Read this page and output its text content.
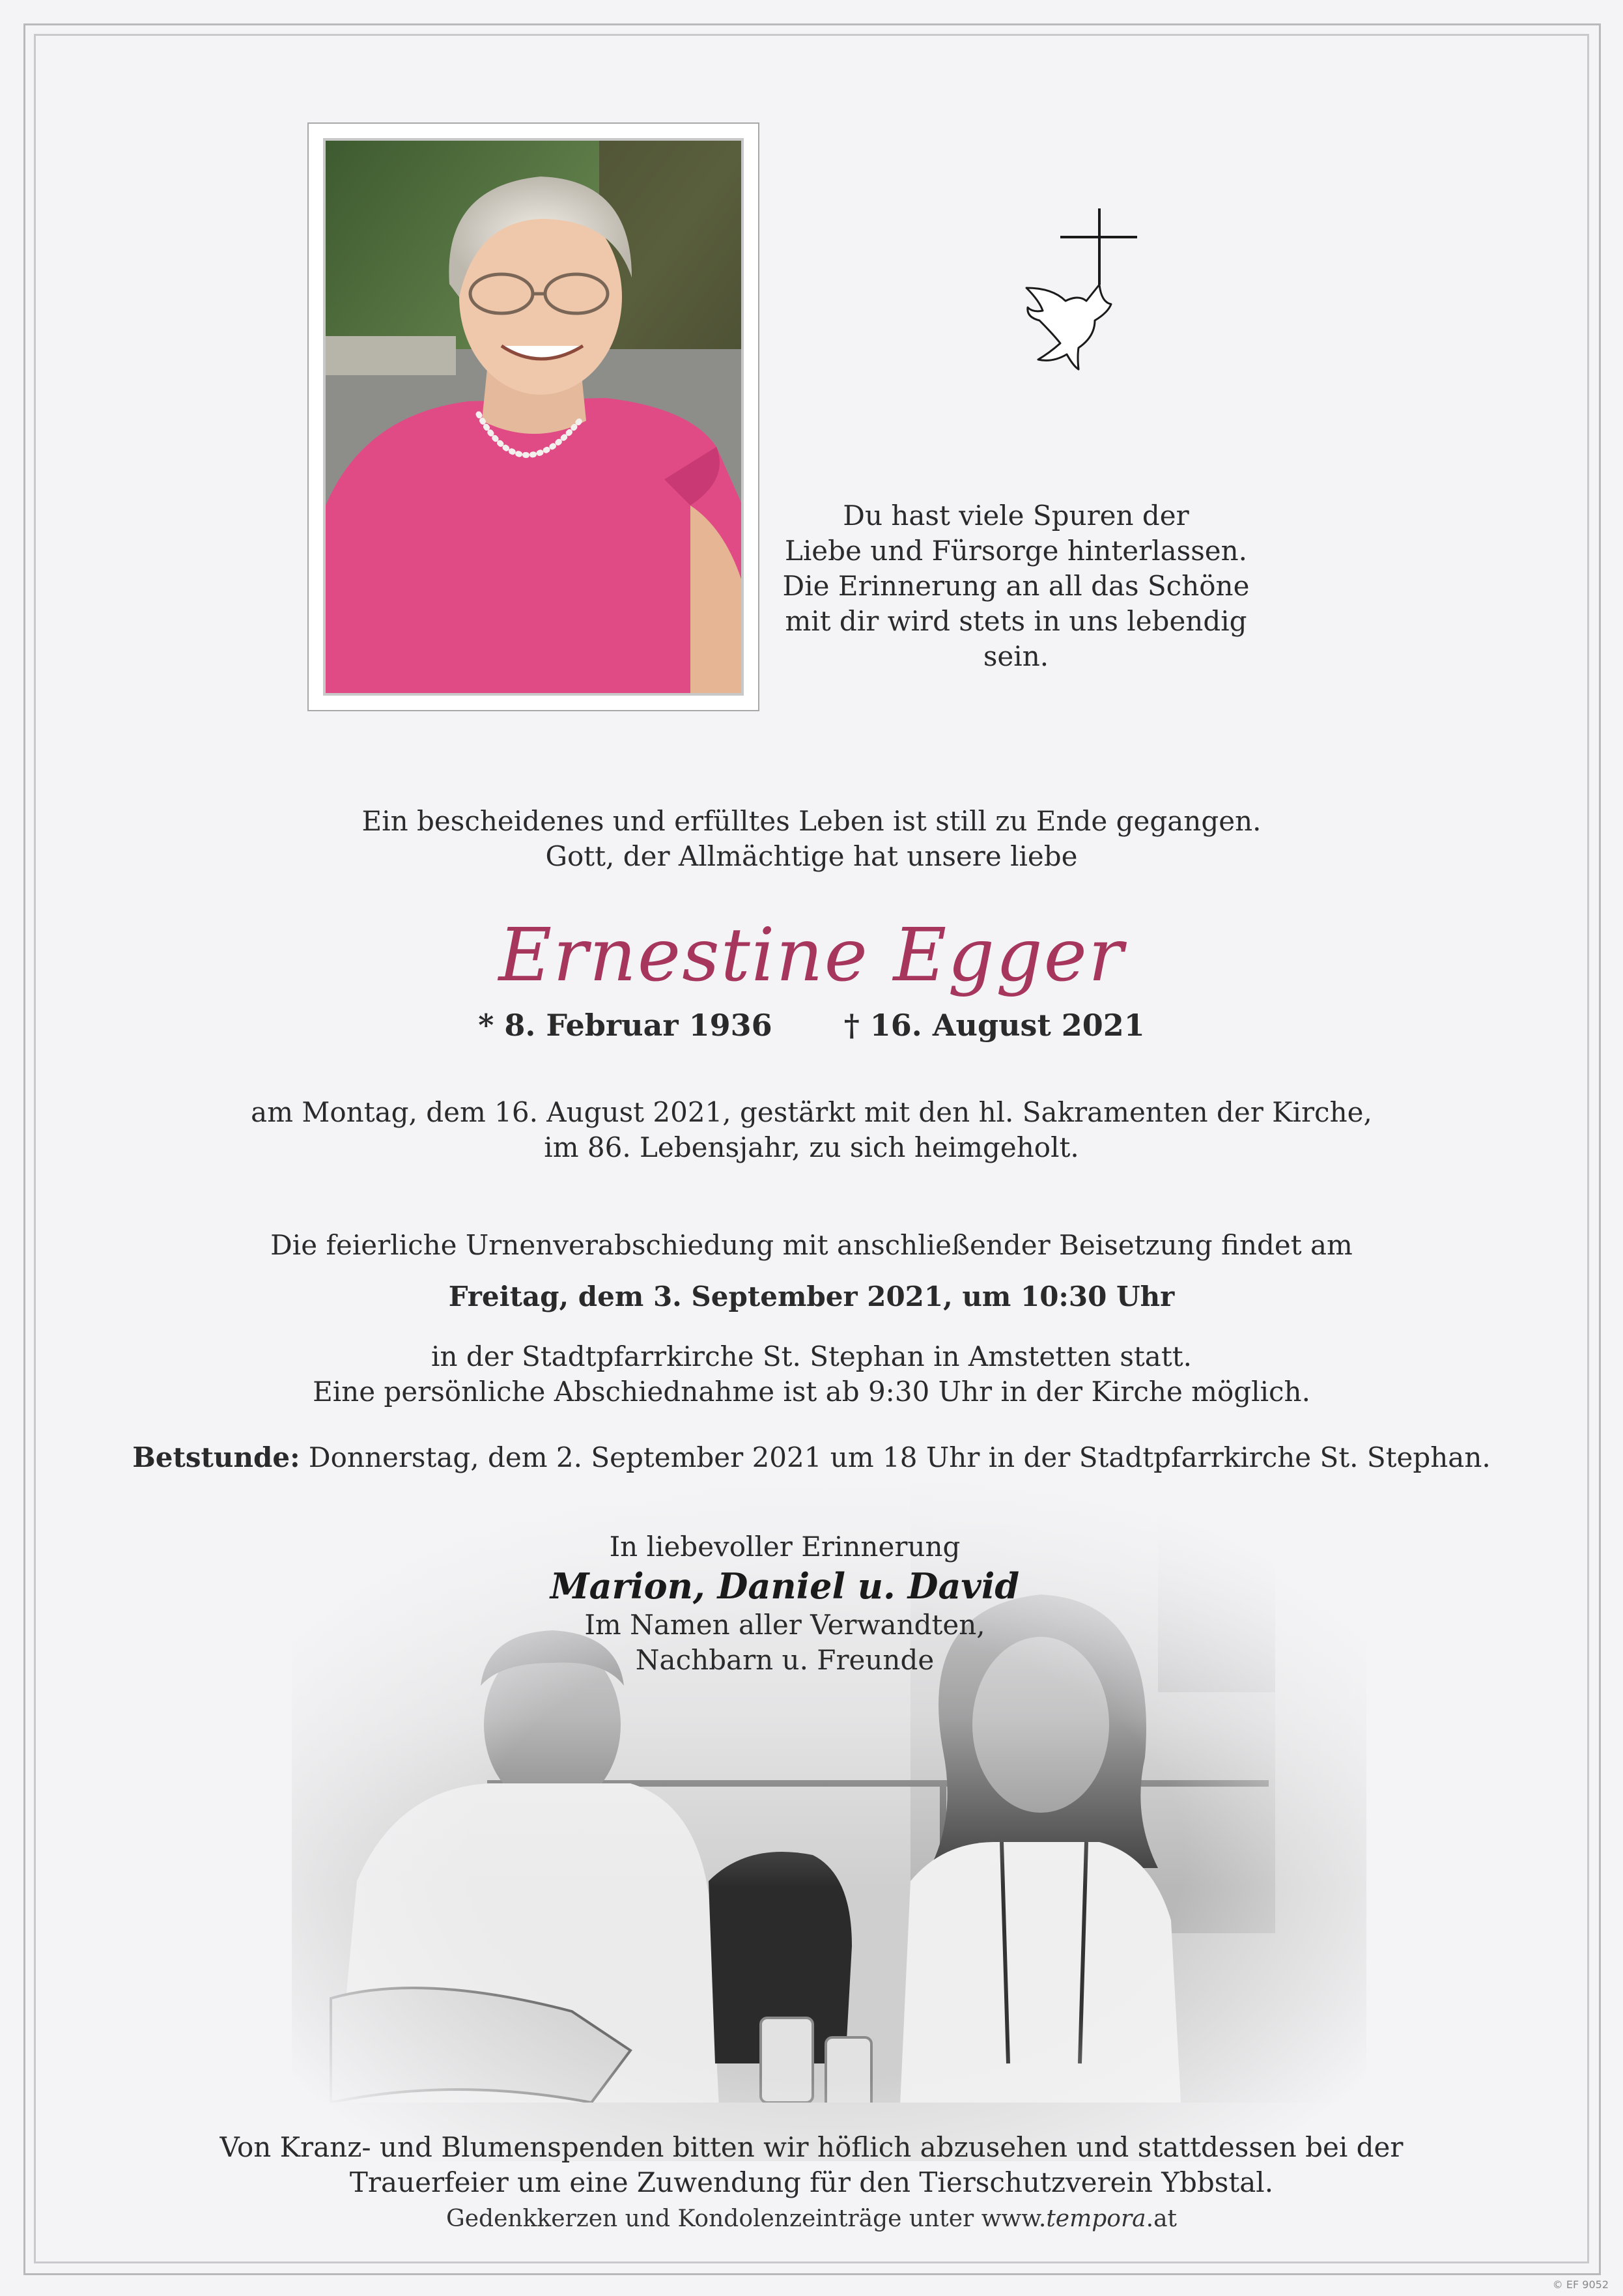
Du hast viele Spuren der
Liebe und Fürsorge hinterlassen.
Die Erinnerung an all das Schöne
mit dir wird stets in uns lebendig sein.
Ein bescheidenes und erfülltes Leben ist still zu Ende gegangen.
Gott, der Allmächtige hat unsere liebe
Ernestine Egger
* 8. Februar 1936 † 16. August 2021
am Montag, dem 16. August 2021, gestärkt mit den hl. Sakramenten der Kirche,
im 86. Lebensjahr, zu sich heimgeholt.
Die feierliche Urnenverabschiedung mit anschließender Beisetzung findet am
Freitag, dem 3. September 2021, um 10:30 Uhr
in der Stadtpfarrkirche St. Stephan in Amstetten statt.
Eine persönliche Abschiednahme ist ab 9:30 Uhr in der Kirche möglich.
Betstunde: Donnerstag, dem 2. September 2021 um 18 Uhr in der Stadtpfarrkirche St. Stephan.
In liebevoller Erinnerung
Marion, Daniel u. David
Im Namen aller Verwandten,
Nachbarn u. Freunde
Von Kranz- und Blumenspenden bitten wir höflich abzusehen und stattdessen bei der
Trauerfeier um eine Zuwendung für den Tierschutzverein Ybbstal.
Gedenkkerzen und Kondolenzeinträge unter www.tempora.at
© EF 9052
